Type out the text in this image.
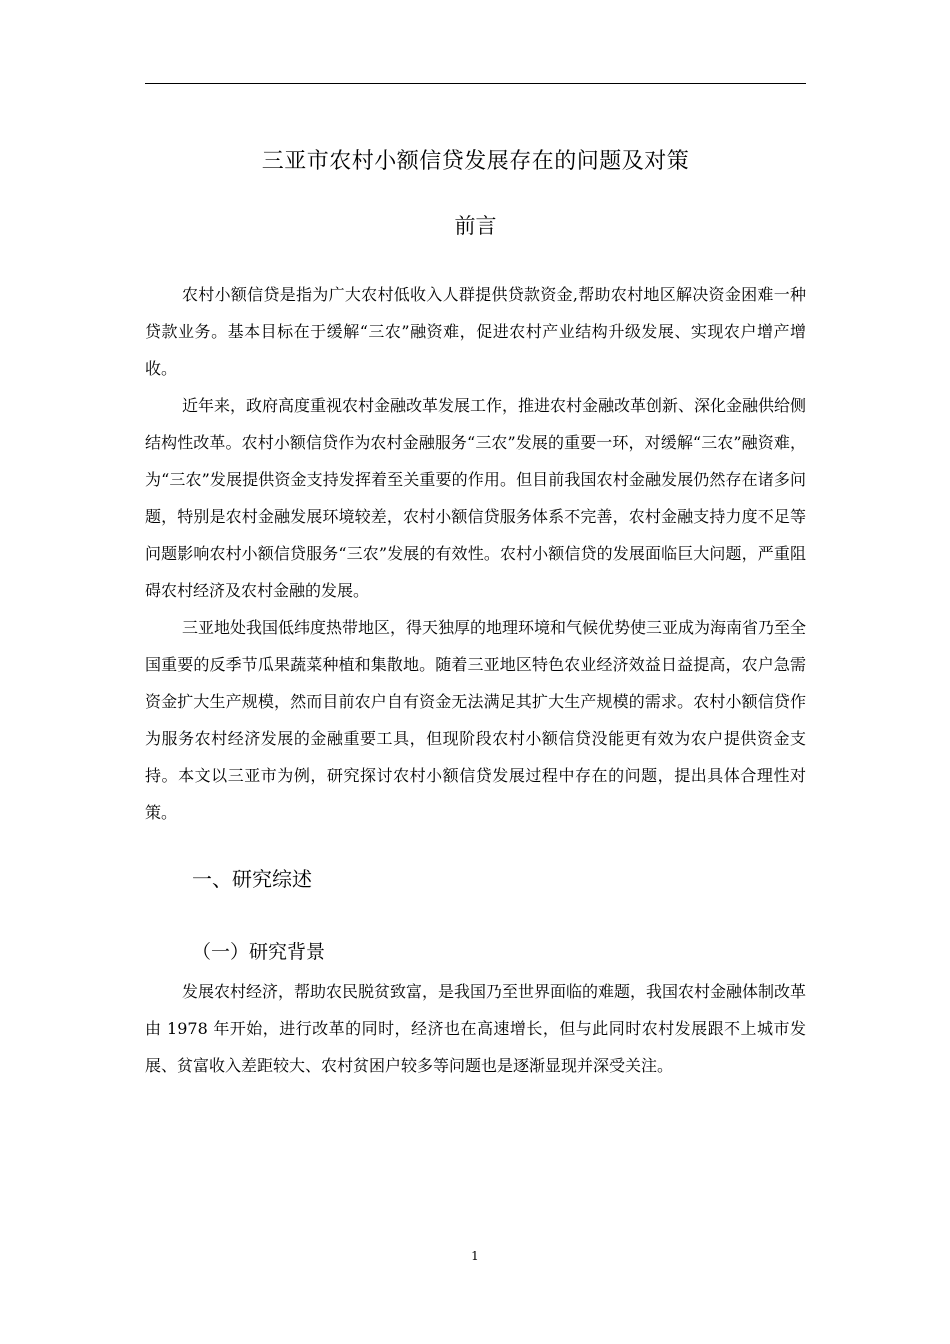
三亚市农村小额信贷发展存在的问题及对策
前言

农村小额信贷是指为广大农村低收入人群提供贷款资金,帮助农村地区解决资金困难一种贷款业务。基本目标在于缓解“三农”融资难，促进农村产业结构升级发展、实现农户增产增收。

近年来，政府高度重视农村金融改革发展工作，推进农村金融改革创新、深化金融供给侧结构性改革。农村小额信贷作为农村金融服务“三农”发展的重要一环，对缓解“三农”融资难，为“三农”发展提供资金支持发挥着至关重要的作用。但目前我国农村金融发展仍然存在诸多问题，特别是农村金融发展环境较差，农村小额信贷服务体系不完善，农村金融支持力度不足等问题影响农村小额信贷服务“三农”发展的有效性。农村小额信贷的发展面临巨大问题，严重阻碍农村经济及农村金融的发展。

三亚地处我国低纬度热带地区，得天独厚的地理环境和气候优势使三亚成为海南省乃至全国重要的反季节瓜果蔬菜种植和集散地。随着三亚地区特色农业经济效益日益提高，农户急需资金扩大生产规模，然而目前农户自有资金无法满足其扩大生产规模的需求。农村小额信贷作为服务农村经济发展的金融重要工具，但现阶段农村小额信贷没能更有效为农户提供资金支持。本文以三亚市为例，研究探讨农村小额信贷发展过程中存在的问题，提出具体合理性对策。

一、研究综述
（一）研究背景

发展农村经济，帮助农民脱贫致富，是我国乃至世界面临的难题，我国农村金融体制改革由 1978 年开始，进行改革的同时，经济也在高速增长，但与此同时农村发展跟不上城市发展、贫富收入差距较大、农村贫困户较多等问题也是逐渐显现并深受关注。

1
